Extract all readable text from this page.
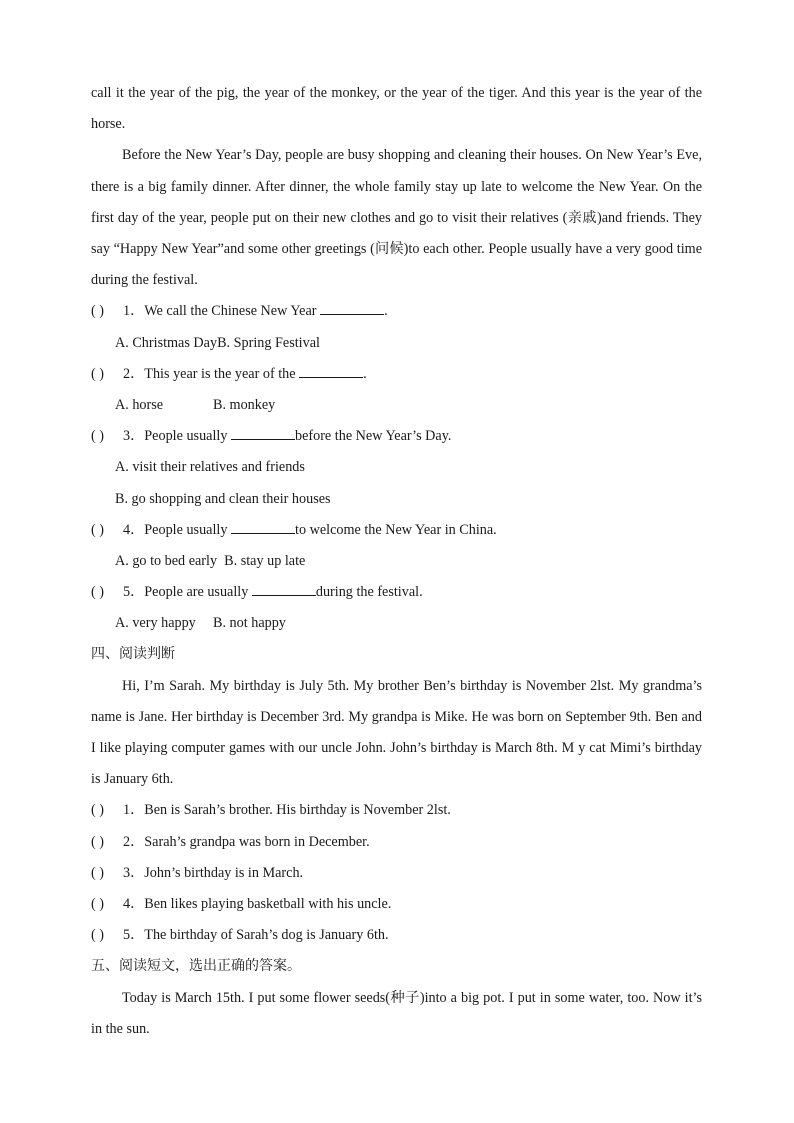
call it the year of the pig, the year of the monkey, or the year of the tiger. And this year is the year of the horse.

Before the New Year’s Day, people are busy shopping and cleaning their houses. On New Year’s Eve, there is a big family dinner. After dinner, the whole family stay up late to welcome the New Year. On the first day of the year, people put on their new clothes and go to visit their relatives (亲戚)and friends. They say “Happy New Year”and some other greetings (问候)to each other. People usually have a very good time during the festival.

( ) 1．We call the Chinese New Year	.
A. Christmas DayB. Spring Festival
( ) 2．This year is the year of the	.
A. horse	B. monkey
( ) 3．People usually	before the New Year’s Day.
A. visit their relatives and friends
B. go shopping and clean their houses
( ) 4．People usually	to welcome the New Year in China.
A. go to bed early B. stay up late
( ) 5．People are usually	during the festival.
A. very happy B. not happy
四、阅读判断

Hi, I’m Sarah. My birthday is July 5th. My brother Ben’s birthday is November 2lst. My grandma’s name is Jane. Her birthday is December 3rd. My grandpa is Mike. He was born on September 9th. Ben and I like playing computer games with our uncle John. John’s birthday is March 8th. M y cat Mimi’s birthday is January 6th.

( ) 1．Ben is Sarah’s brother. His birthday is November 2lst.
( ) 2．Sarah’s grandpa was born in December.
( ) 3．John’s birthday is in March.
( ) 4．Ben likes playing basketball with his uncle.
( ) 5．The birthday of Sarah’s dog is January 6th.
五、阅读短文，选出正确的答案。

Today is March 15th. I put some flower seeds(种子)into a big pot. I put in some water, too. Now it’s in the sun.
